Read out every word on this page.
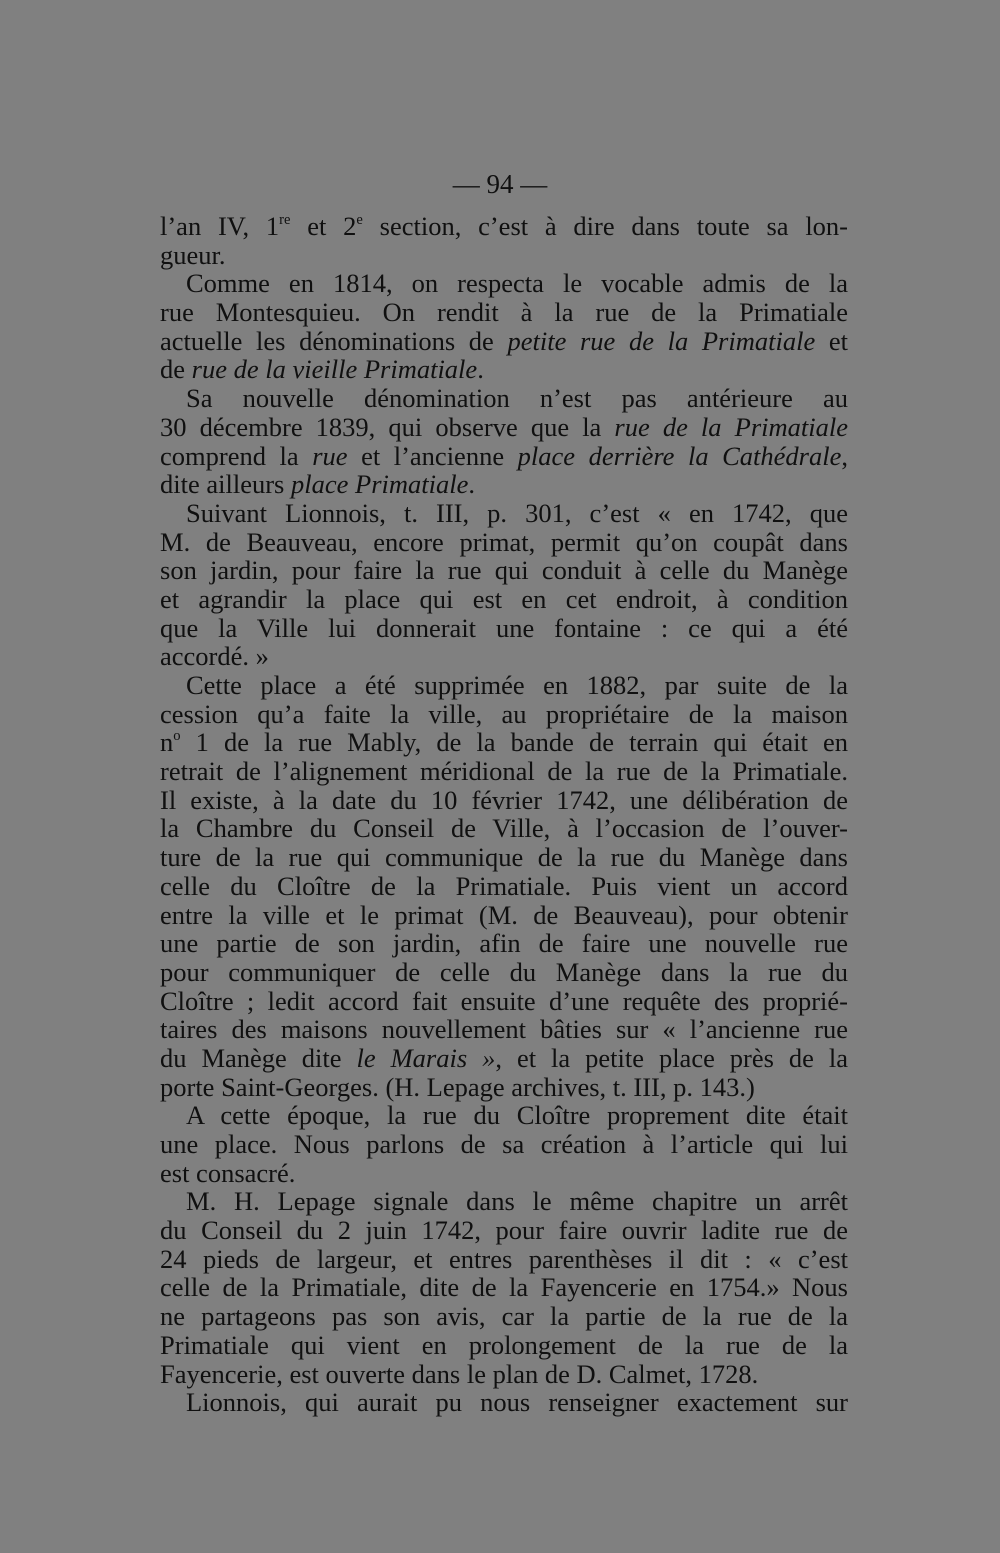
— 94 —
l’an IV, 1re et 2e section, c’est à dire dans toute sa lon-
gueur.
Comme en 1814, on respecta le vocable admis de la
rue Montesquieu. On rendit à la rue de la Primatiale
actuelle les dénominations de petite rue de la Primatiale et
de rue de la vieille Primatiale.
Sa nouvelle dénomination n’est pas antérieure au
30 décembre 1839, qui observe que la rue de la Primatiale
comprend la rue et l’ancienne place derrière la Cathédrale,
dite ailleurs place Primatiale.
Suivant Lionnois, t. III, p. 301, c’est « en 1742, que
M. de Beauveau, encore primat, permit qu’on coupât dans
son jardin, pour faire la rue qui conduit à celle du Manège
et agrandir la place qui est en cet endroit, à condition
que la Ville lui donnerait une fontaine : ce qui a été
accordé. »
Cette place a été supprimée en 1882, par suite de la
cession qu’a faite la ville, au propriétaire de la maison
$n^o$ 1 de la rue Mably, de la bande de terrain qui était en
retrait de l’alignement méridional de la rue de la Primatiale.
Il existe, à la date du 10 février 1742, une délibération de
la Chambre du Conseil de Ville, à l’occasion de l’ouver-
ture de la rue qui communique de la rue du Manège dans
celle du Cloître de la Primatiale. Puis vient un accord
entre la ville et le primat (M. de Beauveau), pour obtenir
une partie de son jardin, afin de faire une nouvelle rue
pour communiquer de celle du Manège dans la rue du
Cloître ; ledit accord fait ensuite d’une requête des proprié-
taires des maisons nouvellement bâties sur « l’ancienne rue
du Manège dite le Marais », et la petite place près de la
porte Saint-Georges. (H. Lepage archives, t. III, p. 143.)
A cette époque, la rue du Cloître proprement dite était
une place. Nous parlons de sa création à l’article qui lui
est consacré.
M. H. Lepage signale dans le même chapitre un arrêt
du Conseil du 2 juin 1742, pour faire ouvrir ladite rue de
24 pieds de largeur, et entres parenthèses il dit : « c’est
celle de la Primatiale, dite de la Fayencerie en 1754.» Nous
ne partageons pas son avis, car la partie de la rue de la
Primatiale qui vient en prolongement de la rue de la
Fayencerie, est ouverte dans le plan de D. Calmet, 1728.
Lionnois, qui aurait pu nous renseigner exactement sur
